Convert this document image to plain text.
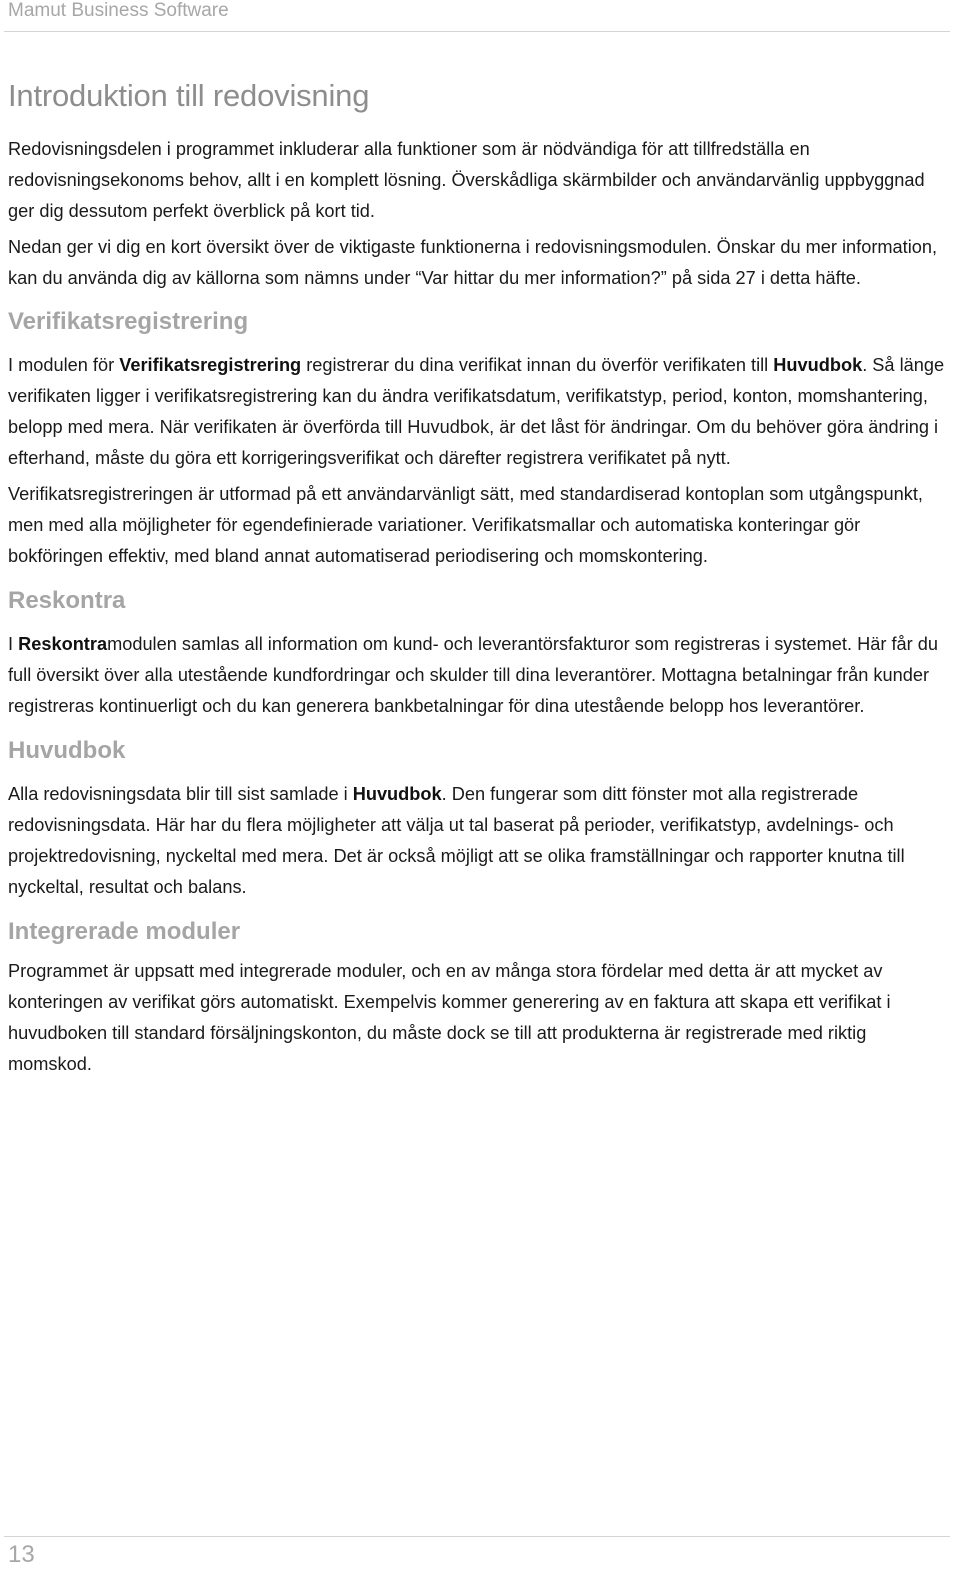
Mamut Business Software
Introduktion till redovisning

Redovisningsdelen i programmet inkluderar alla funktioner som är nödvändiga för att tillfredställa en redovisningsekonoms behov, allt i en komplett lösning. Överskådliga skärmbilder och användarvänlig uppbyggnad ger dig dessutom perfekt överblick på kort tid.

Nedan ger vi dig en kort översikt över de viktigaste funktionerna i redovisningsmodulen. Önskar du mer information, kan du använda dig av källorna som nämns under “Var hittar du mer information?” på sida 27 i detta häfte.

Verifikatsregistrering

I modulen för Verifikatsregistrering registrerar du dina verifikat innan du överför verifikaten till Huvudbok. Så länge verifikaten ligger i verifikatsregistrering kan du ändra verifikatsdatum, verifikatstyp, period, konton, momshantering, belopp med mera. När verifikaten är överförda till Huvudbok, är det låst för ändringar. Om du behöver göra ändring i efterhand, måste du göra ett korrigeringsverifikat och därefter registrera verifikatet på nytt.

Verifikatsregistreringen är utformad på ett användarvänligt sätt, med standardiserad kontoplan som utgångspunkt, men med alla möjligheter för egendefinierade variationer. Verifikatsmallar och automatiska konteringar gör bokföringen effektiv, med bland annat automatiserad periodisering och momskontering.

Reskontra

I Reskontramodulen samlas all information om kund- och leverantörsfakturor som registreras i systemet. Här får du full översikt över alla utestående kundfordringar och skulder till dina leverantörer. Mottagna betalningar från kunder registreras kontinuerligt och du kan generera bankbetalningar för dina utestående belopp hos leverantörer.

Huvudbok

Alla redovisningsdata blir till sist samlade i Huvudbok. Den fungerar som ditt fönster mot alla registrerade redovisningsdata. Här har du flera möjligheter att välja ut tal baserat på perioder, verifikatstyp, avdelnings- och projektredovisning, nyckeltal med mera. Det är också möjligt att se olika framställningar och rapporter knutna till nyckeltal, resultat och balans.

Integrerade moduler

Programmet är uppsatt med integrerade moduler, och en av många stora fördelar med detta är att mycket av konteringen av verifikat görs automatiskt. Exempelvis kommer generering av en faktura att skapa ett verifikat i huvudboken till standard försäljningskonton, du måste dock se till att produkterna är registrerade med riktig momskod.

13
